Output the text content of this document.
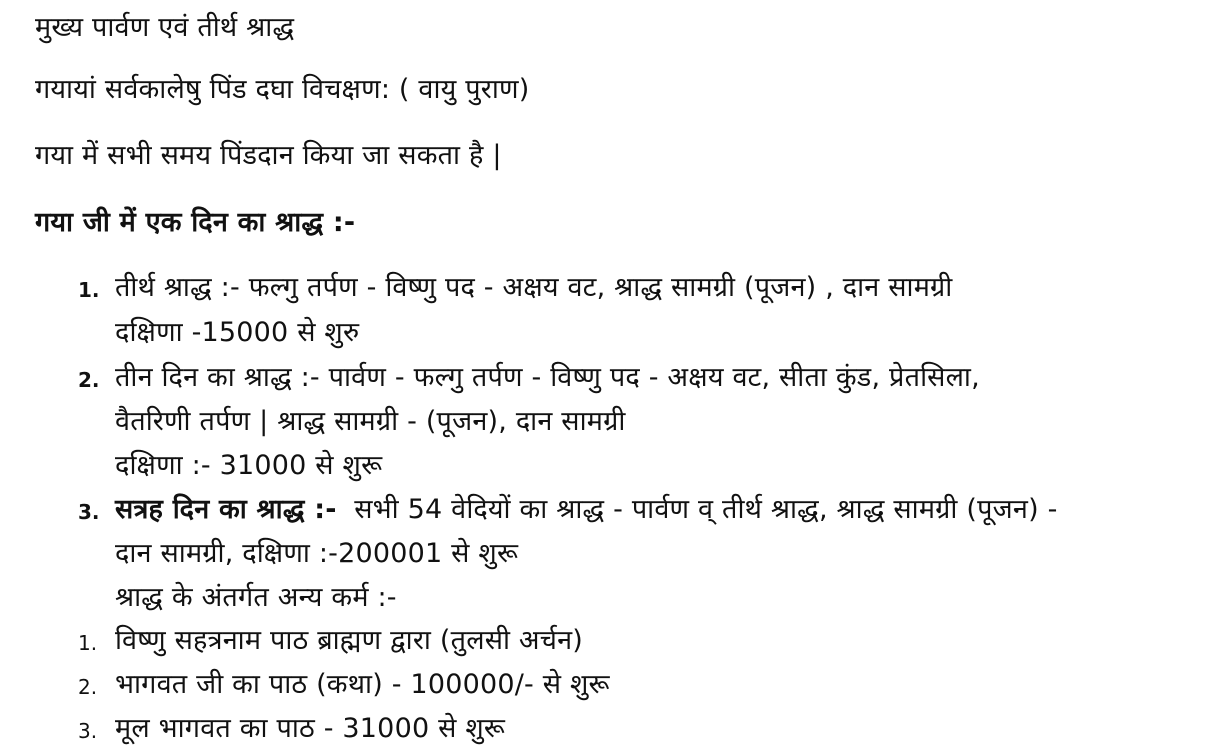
मुख्य पार्वण एवं तीर्थ श्राद्ध
गयायां सर्वकालेषु पिंड दघा विचक्षण: ( वायु पुराण)
गया में सभी समय पिंडदान किया जा सकता है |
गया जी में एक दिन का श्राद्ध :-
1. तीर्थ श्राद्ध :- फल्गु तर्पण - विष्णु पद - अक्षय वट, श्राद्ध सामग्री (पूजन) , दान सामग्री
दक्षिणा -15000 से शुरु
2. तीन दिन का श्राद्ध :- पार्वण - फल्गु तर्पण - विष्णु पद - अक्षय वट, सीता कुंड, प्रेतसिला,
वैतरिणी तर्पण | श्राद्ध सामग्री - (पूजन), दान सामग्री
दक्षिणा :- 31000 से शुरू
3. सत्रह दिन का श्राद्ध :-  सभी 54 वेदियों का श्राद्ध - पार्वण व् तीर्थ श्राद्ध, श्राद्ध सामग्री (पूजन) -
दान सामग्री, दक्षिणा :-200001 से शुरू
श्राद्ध के अंतर्गत अन्य कर्म :-
1. विष्णु सहत्रनाम पाठ ब्राह्मण द्वारा (तुलसी अर्चन)
2. भागवत जी का पाठ (कथा) - 100000/- से शुरू
3. मूल भागवत का पाठ - 31000 से शुरू
